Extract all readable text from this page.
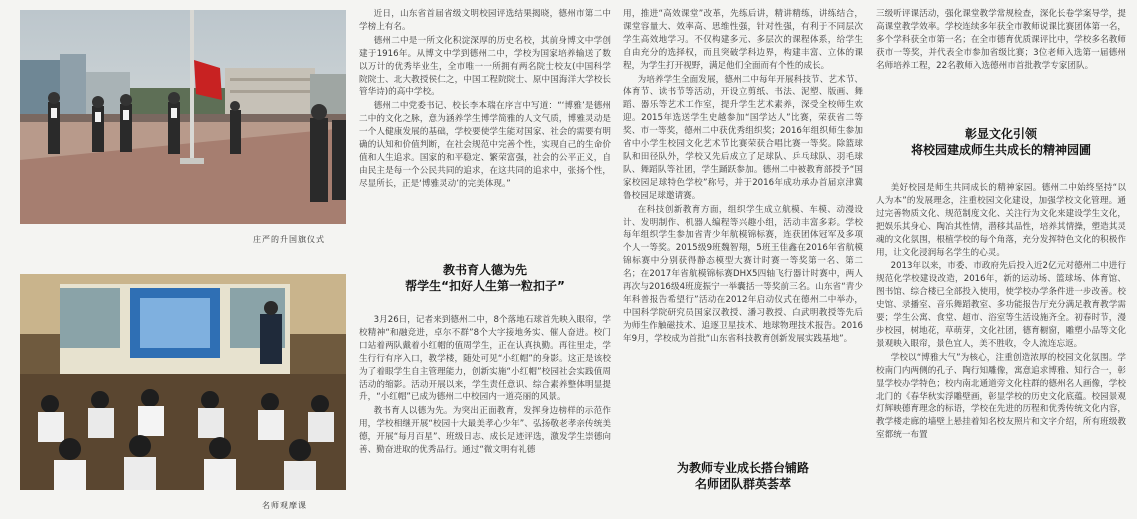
庄严的升国旗仪式
名师观摩课

近日，山东省首届省级文明校园评选结果揭晓，德州市第二中学榜上有名。

德州二中是一所文化积淀深厚的历史名校，其前身博文中学创建于1916年。从博文中学到德州二中，学校为国家培养输送了数以万计的优秀毕业生，全市唯一一所拥有两名院士校友(中国科学院院士、北大教授侯仁之，中国工程院院士、原中国海洋大学校长管华诗)的高中学校。

德州二中党委书记、校长李本瑞在序言中写道：“‘博雅’是德州二中的文化之脉，意为涵养学生博学简雅的人文气质，博雅灵动是一个人健康发展的基础，学校要使学生能对国家、社会的需要有明确的认知和价值判断，在社会规范中完善个性，实现自己的生命价值和人生追求。国家的和平稳定、繁荣富强，社会的公平正义，自由民主是每一个公民共同的追求，在这共同的追求中，张扬个性，尽显所长，正是‘博雅灵动’的完美体现。”

教书育人德为先
帮学生“扣好人生第一粒扣子”

3月26日，记者来到德州二中，8个落地石球首先映入眼帘，学校精神“和融竞进，卓尔不群”8个大字接地务实、催人奋进。校门口站着两队戴着小红帽的值周学生，正在认真执勤。再往里走，学生行行有序入口，教学楼，随处可见“小红帽”的身影。这正是该校为了着眼学生自主管理能力，创新实施“小红帽”校园社会实践值周活动的缩影。活动开展以来，学生责任意识、综合素养整体明显提升，“小红帽”已成为德州二中校园内一道亮丽的风景。

教书育人以德为先。为突出正面教育，发挥身边榜样的示范作用，学校相继开展“校园十大最美孝心少年”、弘扬敬老孝亲传统美德，开展“每月百星”、班级日志、成长足迹评选，激发学生崇德向善、勤奋进取的优秀品行。通过“微文明有礼德

用，推进“高效课堂”改革，先练后讲，精讲精练，讲练结合，课堂容量大、效率高、思维性强，针对性强，有利于不同层次学生高效地学习。不仅构建多元、多层次的课程体系，给学生自由充分的选择权，而且突破学科边界，构建丰富、立体的课程，为学生打开视野，满足他们全面而有个性的成长。

为培养学生全面发展，德州二中每年开展科技节、艺术节、体育节、读书节等活动，开设立剪纸、书法、泥塑、版画、舞蹈、器乐等艺术工作室，提升学生艺术素养，深受全校师生欢迎。2015年选送学生史越参加“国学达人”比赛，荣获省二等奖、市一等奖，德州二中获优秀组织奖；2016年组织师生参加省中小学生校园文化艺术节比赛荣获合唱比赛一等奖。除篮球队和田径队外，学校又先后成立了足球队、乒乓球队、羽毛球队、舞蹈队等社团，学生踊跃参加。德州二中被教育部授予“国家校园足球特色学校”称号，并于2016年成功承办首届京津冀鲁校园足球邀请赛。

在科技创新教育方面，组织学生成立航模、车模、动漫设计、发明制作、机器人编程等兴趣小组，活动丰富多彩。学校每年组织学生参加省青少年航模锦标赛，连获团体冠军及多项个人一等奖。2015级9班魏智翔，5班王佳鑫在2016年省航模锦标赛中分别获得静态模型大赛计时赛一等奖第一名、第二名；在2017年省航模锦标赛DHX5四轴飞行器计时赛中，两人再次与2016级4班庞振宁一举囊括一等奖前三名。山东省“青少年科普报告希望行”活动在2012年启动仪式在德州二中举办，中国科学院研究员国家汉教授、潘习教授、白武明教授等先后为师生作触磁技术、追逐卫星技术、地球物理技术报告。2016年9月，学校成为首批“山东省科技教育创新发展实践基地”。

为教师专业成长搭台铺路
名师团队群英荟萃

三级听评课活动，强化课堂教学常规检查，深化长卷学案导学，提高课堂教学效率。学校连续多年获全市教师说课比赛团体第一名，多个学科获全市第一名；在全市德育优质课评比中，学校多名教师获市一等奖，并代表全市参加省级比赛；3位老师入选第一届德州名师培养工程，22名教师入选德州市首批教学专家团队。

彰显文化引领
将校园建成师生共成长的精神园圃

美好校园是师生共同成长的精神家园。德州二中始终坚持“以人为本”的发展理念，注重校园文化建设，加强学校文化管理。通过完善物质文化、规范制度文化、关注行为文化来建设学生文化，把娱乐其身心、陶冶其性情，潜移其品性，培养其情操，塑造其灵魂的文化氛围，根植学校的每个角落，充分发挥特色文化的积极作用，让文化浸润每名学生的心灵。

2013年以来，市委、市政府先后投入近2亿元对德州二中进行规范化学校建设改造，2016年，新的运动场、篮球场、体育馆、图书馆、综合楼已全部投入使用，使学校办学条件进一步改善。校史馆、录播室、音乐舞蹈教室、多功能报告厅充分满足教育教学需要；学生公寓、食堂、超市、浴室等生活设施齐全。初春时节，漫步校园，树地花，草萌芽，文化社团，德育橱窗，雕塑小品等文化景观映入眼帘，景色宜人，美不胜收，令人流连忘返。

学校以“博雅大气”为核心，注重创造浓厚的校园文化氛围。学校南门内两侧的孔子、陶行知雕像，寓意追求博雅、知行合一，彰显学校办学特色；校内南北通道旁文化柱群的德州名人画像，学校北门的《春华秋实浮雕壁画，彰显学校的历史文化底蕴。校园景观灯辉映德育理念的标语，学校在先进的历程和优秀传统文化内容，教学楼走廊的墙壁上悬挂着知名校友照片和文字介绍，所有班级教室都统一布置
